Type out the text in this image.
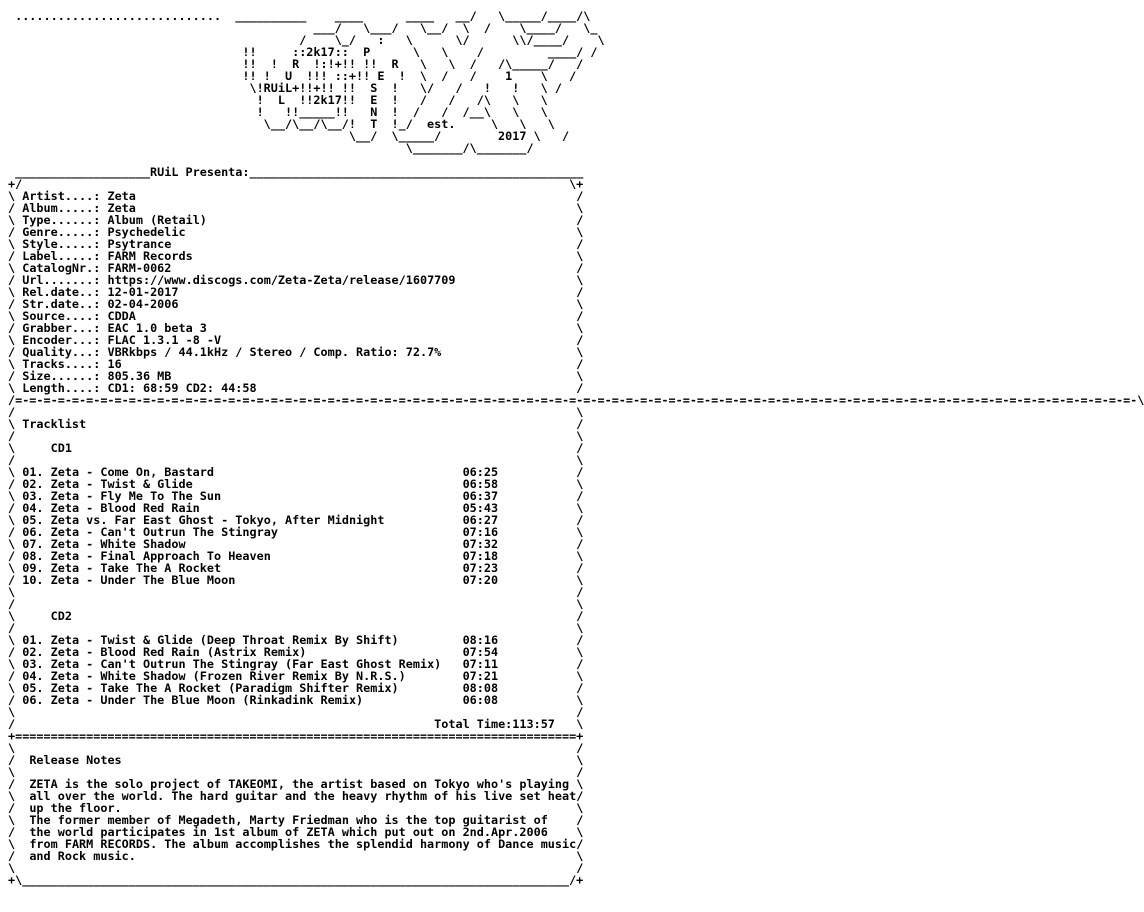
.............................  __________    ____      ____   __/   \_____/____/\
___/   \___/   \__/  \  /    \____/   \_
/    \_/   :   \      \/      \\/____/    \
!!     ::2k17::  P      \   \    /         ____/ /
!!  !  R  !:!+!! !!  R   \   \  /   /\_____/   /
!! !  U  !!! ::+!! E  !  \  /   /    1    \   /
\!RUiL+!!+!! !!  S  !   \/   /   !   !   \ /
!  L  !!2k17!!  E  !   /   /   /\   \   \
!   !!_____!!   N  !  /   /  /__\   \   \
\__/\__/\__/!  T  !_/  est.     \   \   \
\__/  \_____/        2017 \   /
\_______/\_______/

___________________RUiL Presenta:_______________________________________________
+/                                                                             \+
\ Artist....: Zeta	/
/ Album.....: Zeta	\
\ Type......: Album (Retail)	/
/ Genre.....: Psychedelic	\
\ Style.....: Psytrance	/
/ Label.....: FARM Records	\
\ CatalogNr.: FARM-0062	/
/ Url.......: https://www.discogs.com/Zeta-Zeta/release/1607709	\
\ Rel.date..: 12-01-2017	/
/ Str.date..: 02-04-2006	\
\ Source....: CDDA	/
/ Grabber...: EAC 1.0 beta 3	\
\ Encoder...: FLAC 1.3.1 -8 -V	/
/ Quality...: VBRkbps / 44.1kHz / Stereo / Comp. Ratio: 72.7%	\
\ Tracks....: 16	/
/ Size......: 805.36 MB	\
\ Length....: CD1: 68:59 CD2: 44:58	/
/=-=-=-=-=-=-=-=-=-=-=-=-=-=-=-=-=-=-=-=-=-=-=-=-=-=-=-=-=-=-=-=-=-=-=-=-=-=-=-=-=-=-=-=-=-=-=-=-=-=-=-=-=-=-=-=-=-=-=-=-=-=-=-=-=-=-=-=-=-=-=-=-=-=-=-=-=-=-=-\
/	\
\ Tracklist	/
/	\
\     CD1	/
/	\
\ 01. Zeta - Come On, Bastard                                   06:25	/
/ 02. Zeta - Twist & Glide                                      06:58	\
\ 03. Zeta - Fly Me To The Sun                                  06:37	/
/ 04. Zeta - Blood Red Rain                                     05:43	\
\ 05. Zeta vs. Far East Ghost - Tokyo, After Midnight           06:27	/
/ 06. Zeta - Can't Outrun The Stingray                          07:16	\
\ 07. Zeta - White Shadow                                       07:32	/
/ 08. Zeta - Final Approach To Heaven                           07:18	\
\ 09. Zeta - Take The A Rocket                                  07:23	/
/ 10. Zeta - Under The Blue Moon                                07:20	\
\	/
/	\
\     CD2	/
/	\
\ 01. Zeta - Twist & Glide (Deep Throat Remix By Shift)         08:16	/
/ 02. Zeta - Blood Red Rain (Astrix Remix)                      07:54	\
\ 03. Zeta - Can't Outrun The Stingray (Far East Ghost Remix)   07:11	/
/ 04. Zeta - White Shadow (Frozen River Remix By N.R.S.)        07:21	\
\ 05. Zeta - Take The A Rocket (Paradigm Shifter Remix)         08:08	/
/ 06. Zeta - Under The Blue Moon (Rinkadink Remix)              06:08	\
\	/
/	Total Time:113:57 \
+===============================================================================+
\	/
/  Release Notes	\
\	/
/  ZETA is the solo project of TAKEOMI, the artist based on Tokyo who's playing \
\  all over the world. The hard guitar and the heavy rhythm of his live set heat/
/  up the floor.	\
\  The former member of Megadeth, Marty Friedman who is the top guitarist of /
/  the world participates in 1st album of ZETA which put out on 2nd.Apr.2006 \
\  from FARM RECORDS. The album accomplishes the splendid harmony of Dance music/
/  and Rock music.	\
\	/
+\_____________________________________________________________________________/+
